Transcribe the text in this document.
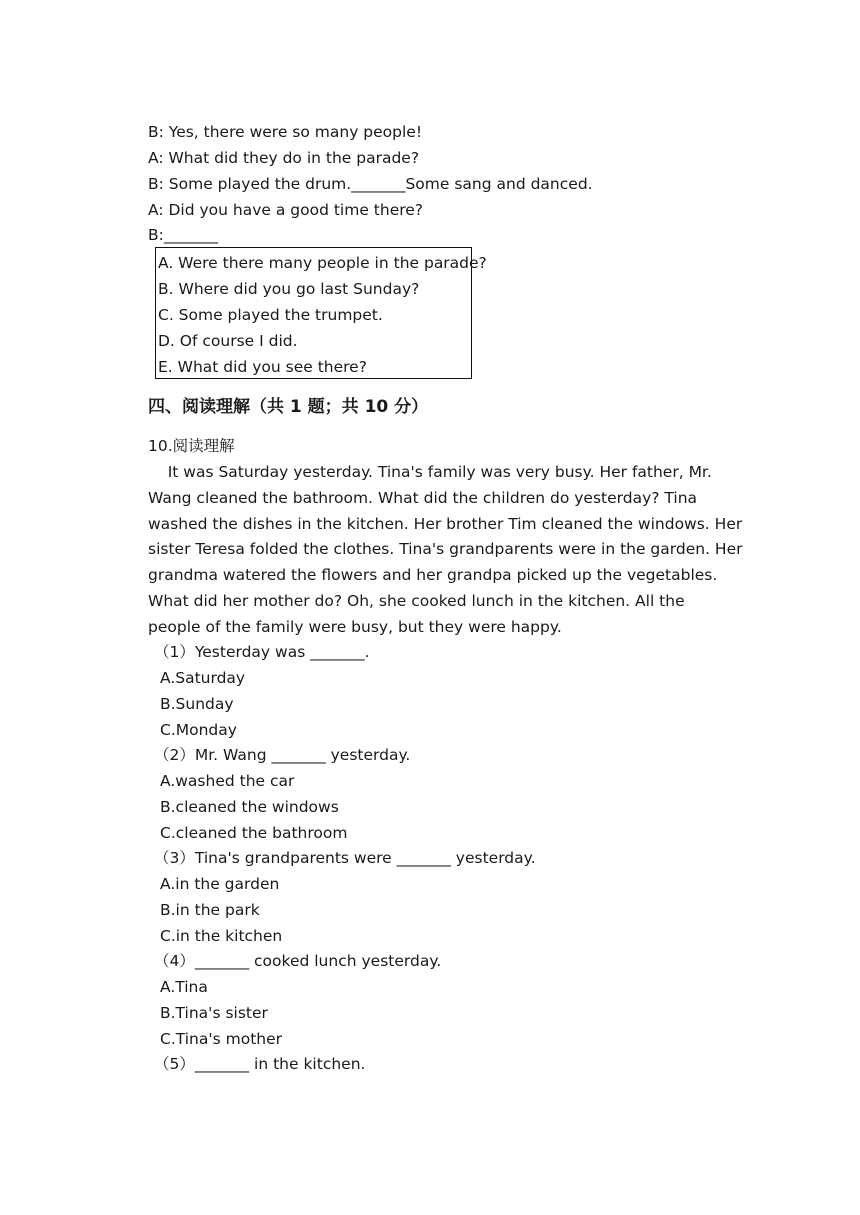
B: Yes, there were so many people!
A: What did they do in the parade?
B: Some played the drum._______Some sang and danced.
A: Did you have a good time there?
B:_______
A. Were there many people in the parade?
B. Where did you go last Sunday?
C. Some played the trumpet.
D. Of course I did.
E. What did you see there?
四、阅读理解（共 1 题；共 10 分）
10.阅读理解
It was Saturday yesterday. Tina's family was very busy. Her father, Mr.
Wang cleaned the bathroom. What did the children do yesterday? Tina
washed the dishes in the kitchen. Her brother Tim cleaned the windows. Her
sister Teresa folded the clothes. Tina's grandparents were in the garden. Her
grandma watered the flowers and her grandpa picked up the vegetables.
What did her mother do? Oh, she cooked lunch in the kitchen. All the
people of the family were busy, but they were happy.
（1）Yesterday was _______.
A.Saturday
B.Sunday
C.Monday
（2）Mr. Wang _______ yesterday.
A.washed the car
B.cleaned the windows
C.cleaned the bathroom
（3）Tina's grandparents were _______ yesterday.
A.in the garden
B.in the park
C.in the kitchen
（4）_______ cooked lunch yesterday.
A.Tina
B.Tina's sister
C.Tina's mother
（5）_______ in the kitchen.
